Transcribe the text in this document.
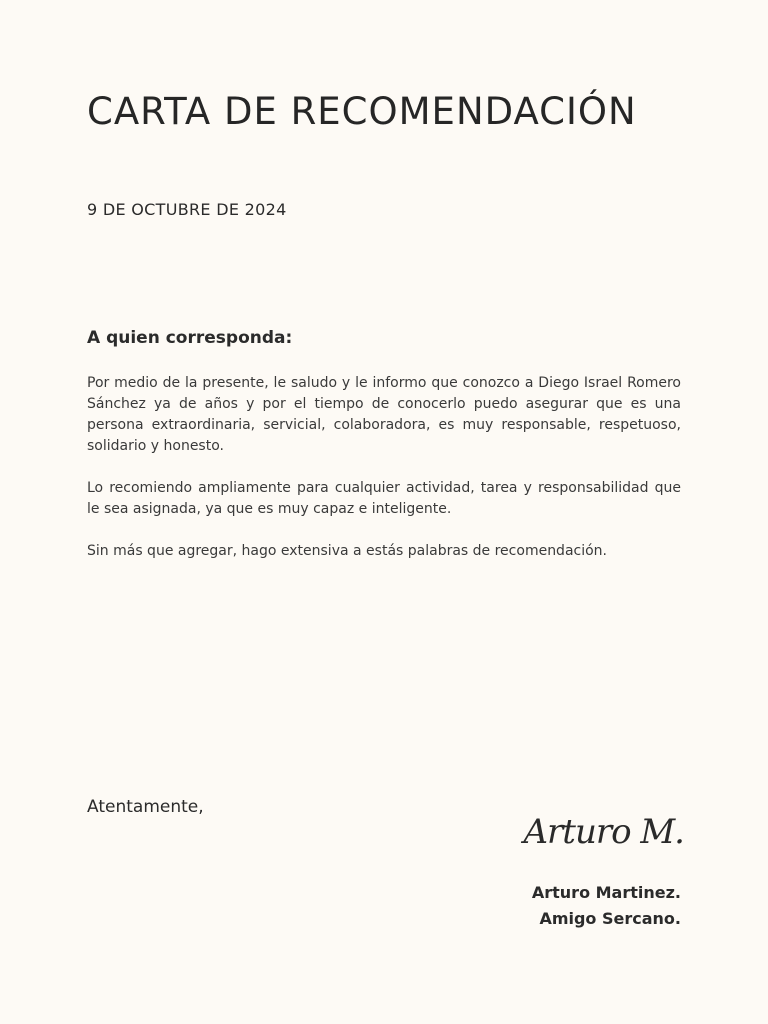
CARTA DE RECOMENDACIÓN
9 DE OCTUBRE DE 2024
A quien corresponda:

Por medio de la presente, le saludo y le informo que conozco a Diego Israel Romero Sánchez ya de años y por el tiempo de conocerlo puedo asegurar que es una persona extraordinaria, servicial, colaboradora, es muy responsable, respetuoso, solidario y honesto.

Lo recomiendo ampliamente para cualquier actividad, tarea y responsabilidad que le sea asignada, ya que es muy capaz e inteligente.

Sin más que agregar, hago extensiva a estás palabras de recomendación.

Atentamente,
Arturo M.
Arturo Martinez.
Amigo Sercano.
